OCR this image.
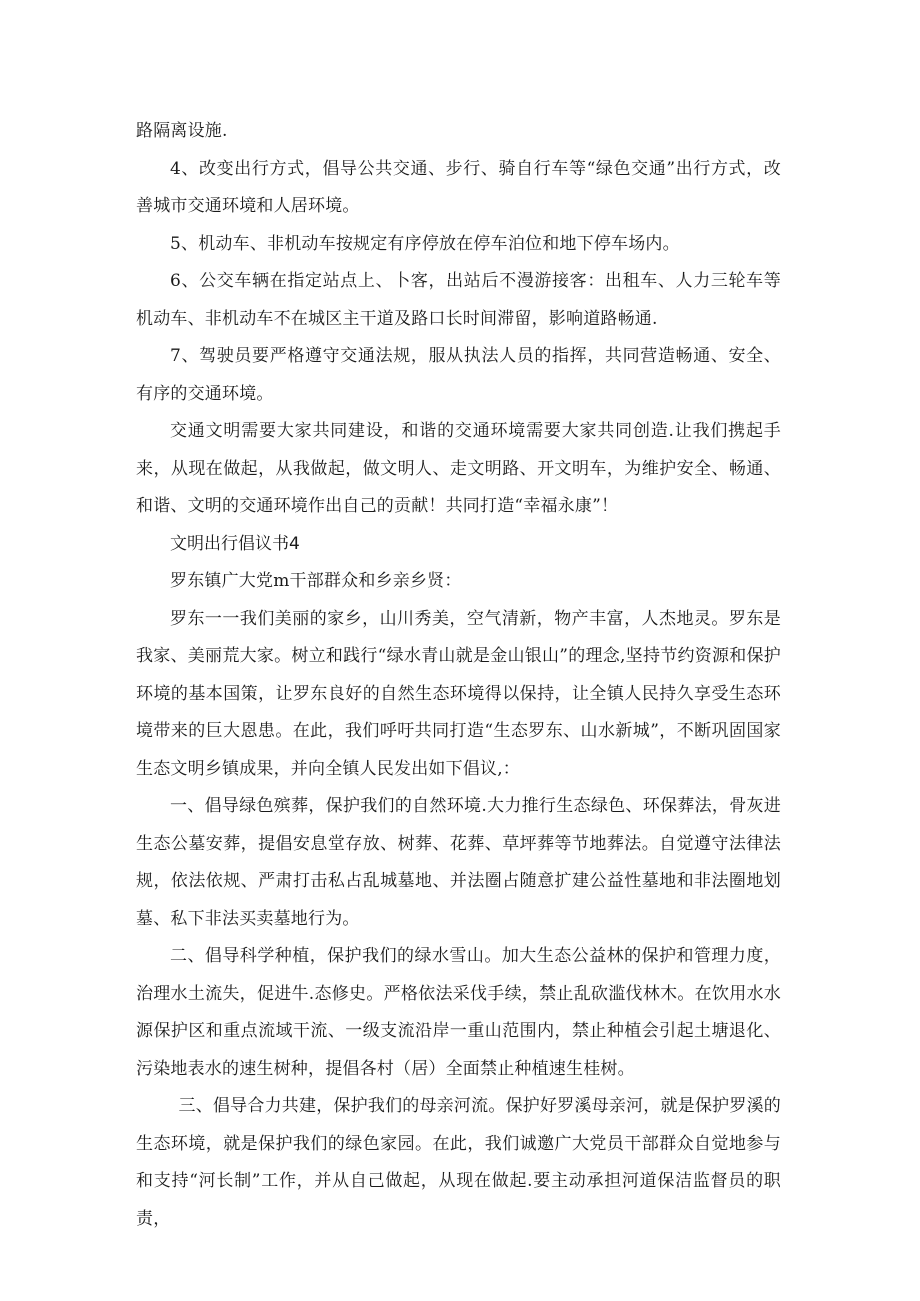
路隔离设施.

4、改变出行方式，倡导公共交通、步行、骑自行车等“绿色交通”出行方式，改善城市交通环境和人居环境。

5、机动车、非机动车按规定有序停放在停车泊位和地下停车场内。

6、公交车辆在指定站点上、卜客，出站后不漫游接客：出租车、人力三轮车等机动车、非机动车不在城区主干道及路口长时间滞留，影响道路畅通.

7、驾驶员要严格遵守交通法规，服从执法人员的指挥，共同营造畅通、安全、有序的交通环境。

交通文明需要大家共同建设，和谐的交通环境需要大家共同创造.让我们携起手来，从现在做起，从我做起，做文明人、走文明路、开文明车，为维护安全、畅通、和谐、文明的交通环境作出自己的贡献！共同打造“幸福永康”！

文明出行倡议书4

罗东镇广大党m干部群众和乡亲乡贤：

罗东一一我们美丽的家乡，山川秀美，空气清新，物产丰富，人杰地灵。罗东是我家、美丽荒大家。树立和践行“绿水青山就是金山银山”的理念,坚持节约资源和保护环境的基本国策，让罗东良好的自然生态环境得以保持，让全镇人民持久享受生态环境带来的巨大恩患。在此，我们呼吁共同打造“生态罗东、山水新城”，不断巩固国家生态文明乡镇成果，并向全镇人民发出如下倡议,：

一、倡导绿色殡葬，保护我们的自然环境.大力推行生态绿色、环保葬法，骨灰进生态公墓安葬，提倡安息堂存放、树葬、花葬、草坪葬等节地葬法。自觉遵守法律法规，依法依规、严肃打击私占乱城墓地、并法圈占随意扩建公益性墓地和非法圈地划墓、私下非法买卖墓地行为。

二、倡导科学种植，保护我们的绿水雪山。加大生态公益林的保护和管理力度，治理水土流失，促进牛.态修史。严格依法采伐手续，禁止乱砍滥伐林木。在饮用水水源保护区和重点流域干流、一级支流沿岸一重山范围内，禁止种植会引起土塘退化、污染地表水的速生树种，提倡各村（居）全面禁止种植速生桂树。

三、倡导合力共建，保护我们的母亲河流。保护好罗溪母亲河，就是保护罗溪的生态环境，就是保护我们的绿色家园。在此，我们诚邀广大党员干部群众自觉地参与和支持“河长制”工作，并从自己做起，从现在做起.要主动承担河道保洁监督员的职责，
